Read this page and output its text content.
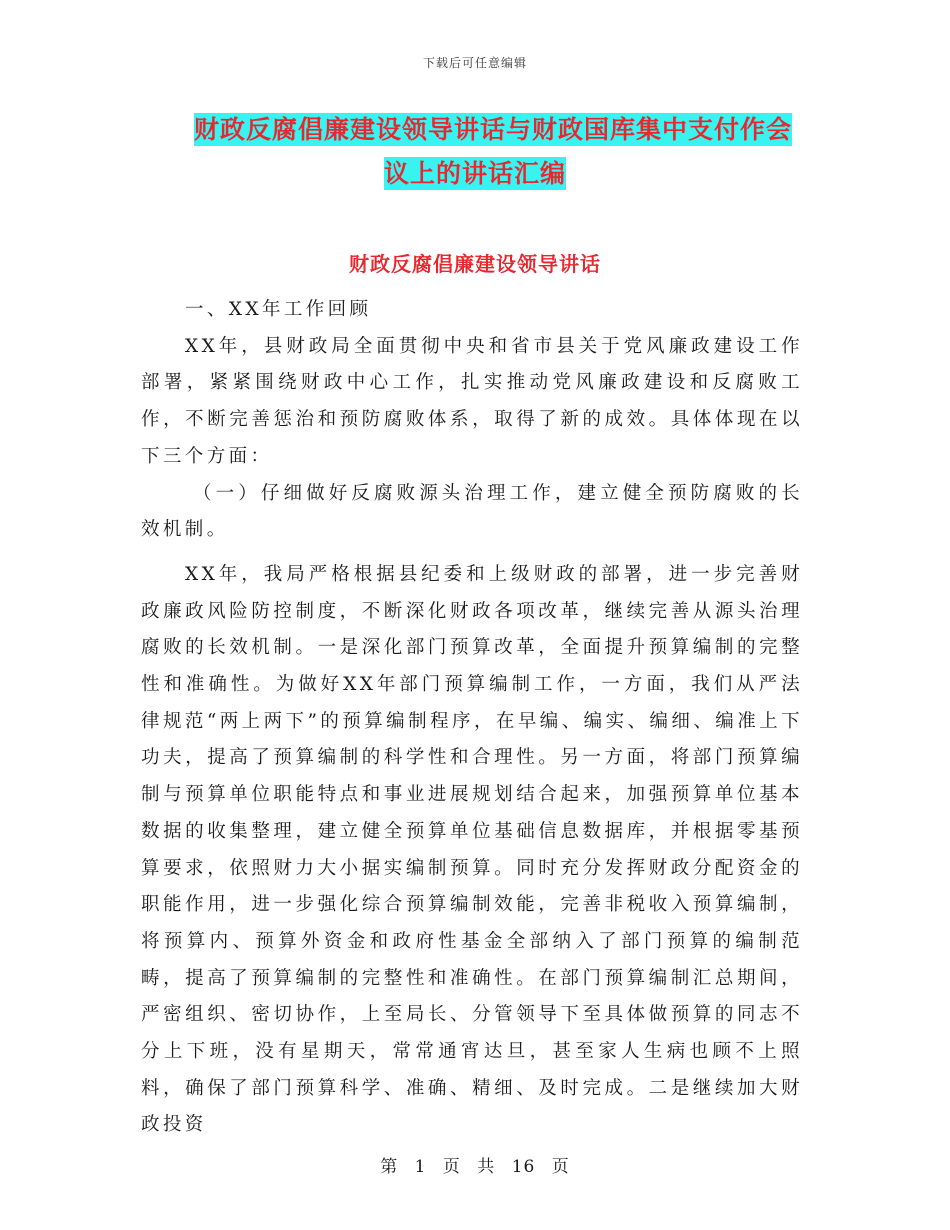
下载后可任意编辑
财政反腐倡廉建设领导讲话与财政国库集中支付作会
议上的讲话汇编
财政反腐倡廉建设领导讲话

一、XX年工作回顾

XX年，县财政局全面贯彻中央和省市县关于党风廉政建设工作部署，紧紧围绕财政中心工作，扎实推动党风廉政建设和反腐败工作，不断完善惩治和预防腐败体系，取得了新的成效。具体体现在以下三个方面：

（一）仔细做好反腐败源头治理工作，建立健全预防腐败的长效机制。

XX年，我局严格根据县纪委和上级财政的部署，进一步完善财政廉政风险防控制度，不断深化财政各项改革，继续完善从源头治理腐败的长效机制。一是深化部门预算改革，全面提升预算编制的完整性和准确性。为做好XX年部门预算编制工作，一方面，我们从严法律规范“两上两下”的预算编制程序，在早编、编实、编细、编准上下功夫，提高了预算编制的科学性和合理性。另一方面，将部门预算编制与预算单位职能特点和事业进展规划结合起来，加强预算单位基本数据的收集整理，建立健全预算单位基础信息数据库，并根据零基预算要求，依照财力大小据实编制预算。同时充分发挥财政分配资金的职能作用，进一步强化综合预算编制效能，完善非税收入预算编制，将预算内、预算外资金和政府性基金全部纳入了部门预算的编制范畴，提高了预算编制的完整性和准确性。在部门预算编制汇总期间，严密组织、密切协作，上至局长、分管领导下至具体做预算的同志不分上下班，没有星期天，常常通宵达旦，甚至家人生病也顾不上照料，确保了部门预算科学、准确、精细、及时完成。二是继续加大财政投资

第 1 页 共 16 页
